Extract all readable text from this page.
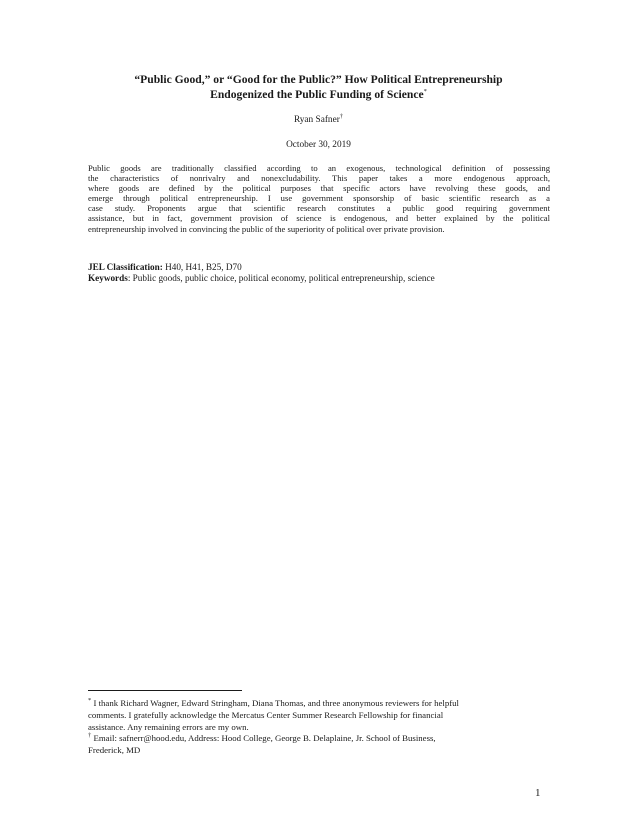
“Public Good,” or “Good for the Public?” How Political Entrepreneurship
Endogenized the Public Funding of Science*
Ryan Safner†
October 30, 2019

Public goods are traditionally classified according to an exogenous, technological definition of possessing
the characteristics of nonrivalry and nonexcludability. This paper takes a more endogenous approach,
where goods are defined by the political purposes that specific actors have revolving these goods, and
emerge through political entrepreneurship. I use government sponsorship of basic scientific research as a
case study. Proponents argue that scientific research constitutes a public good requiring government
assistance, but in fact, government provision of science is endogenous, and better explained by the political
entrepreneurship involved in convincing the public of the superiority of political over private provision.

JEL Classification: H40, H41, B25, D70
Keywords: Public goods, public choice, political economy, political entrepreneurship, science
* I thank Richard Wagner, Edward Stringham, Diana Thomas, and three anonymous reviewers for helpful
comments. I gratefully acknowledge the Mercatus Center Summer Research Fellowship for financial
assistance. Any remaining errors are my own.
† Email: safnerr@hood.edu, Address: Hood College, George B. Delaplaine, Jr. School of Business,
Frederick, MD
1
